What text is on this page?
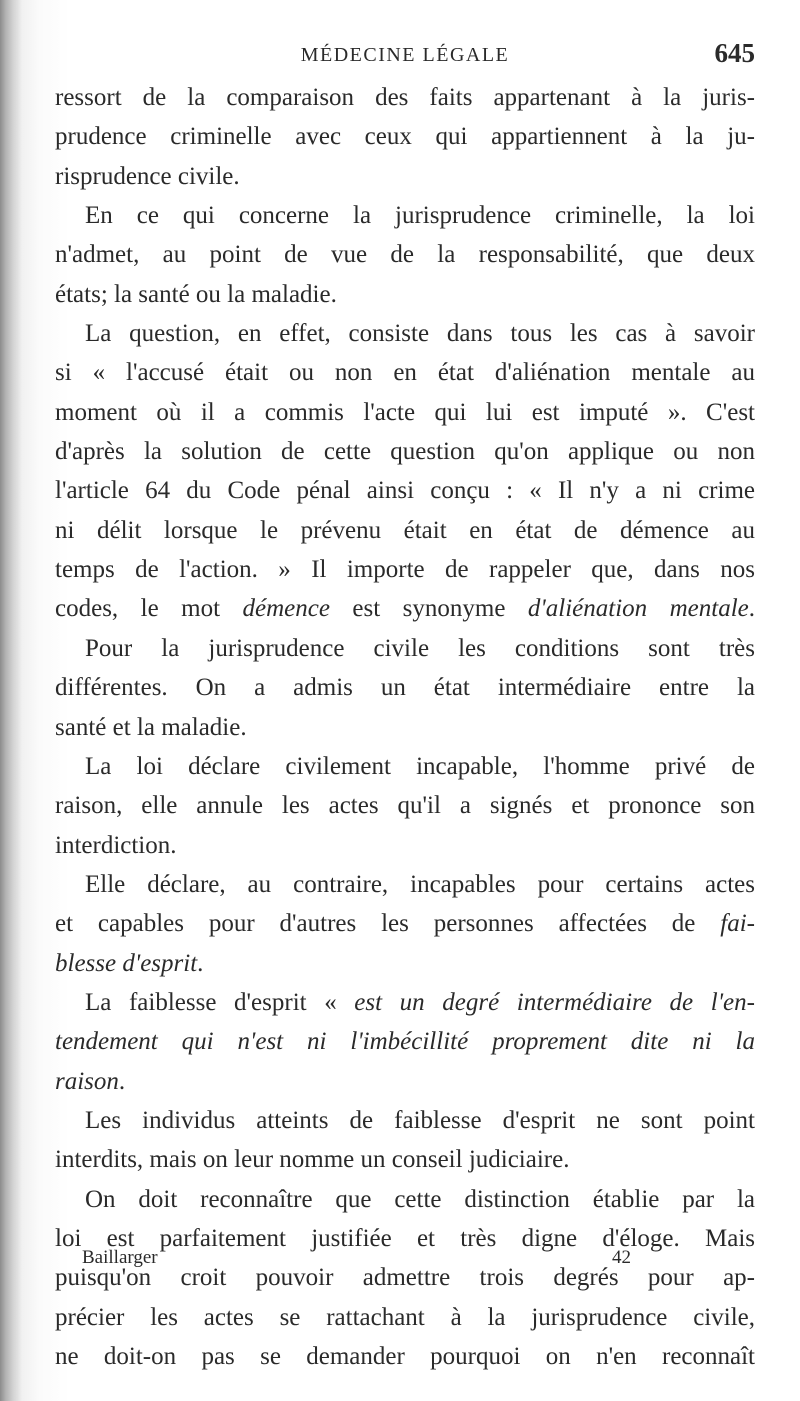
MÉDECINE LÉGALE	645
ressort de la comparaison des faits appartenant à la juris-
prudence criminelle avec ceux qui appartiennent à la ju-
risprudence civile.
En ce qui concerne la jurisprudence criminelle, la loi
n'admet, au point de vue de la responsabilité, que deux
états; la santé ou la maladie.
La question, en effet, consiste dans tous les cas à savoir
si « l'accusé était ou non en état d'aliénation mentale au
moment où il a commis l'acte qui lui est imputé ». C'est
d'après la solution de cette question qu'on applique ou non
l'article 64 du Code pénal ainsi conçu : « Il n'y a ni crime
ni délit lorsque le prévenu était en état de démence au
temps de l'action. » Il importe de rappeler que, dans nos
codes, le mot démence est synonyme d'aliénation mentale.
Pour la jurisprudence civile les conditions sont très
différentes. On a admis un état intermédiaire entre la
santé et la maladie.
La loi déclare civilement incapable, l'homme privé de
raison, elle annule les actes qu'il a signés et prononce son
interdiction.
Elle déclare, au contraire, incapables pour certains actes
et capables pour d'autres les personnes affectées de fai-
blesse d'esprit.
La faiblesse d'esprit « est un degré intermédiaire de l'en-
tendement qui n'est ni l'imbécillité proprement dite ni la
raison.
Les individus atteints de faiblesse d'esprit ne sont point
interdits, mais on leur nomme un conseil judiciaire.
On doit reconnaître que cette distinction établie par la
loi est parfaitement justifiée et très digne d'éloge. Mais
puisqu'on croit pouvoir admettre trois degrés pour ap-
précier les actes se rattachant à la jurisprudence civile,
ne doit-on pas se demander pourquoi on n'en reconnaît
Baillarger	42
